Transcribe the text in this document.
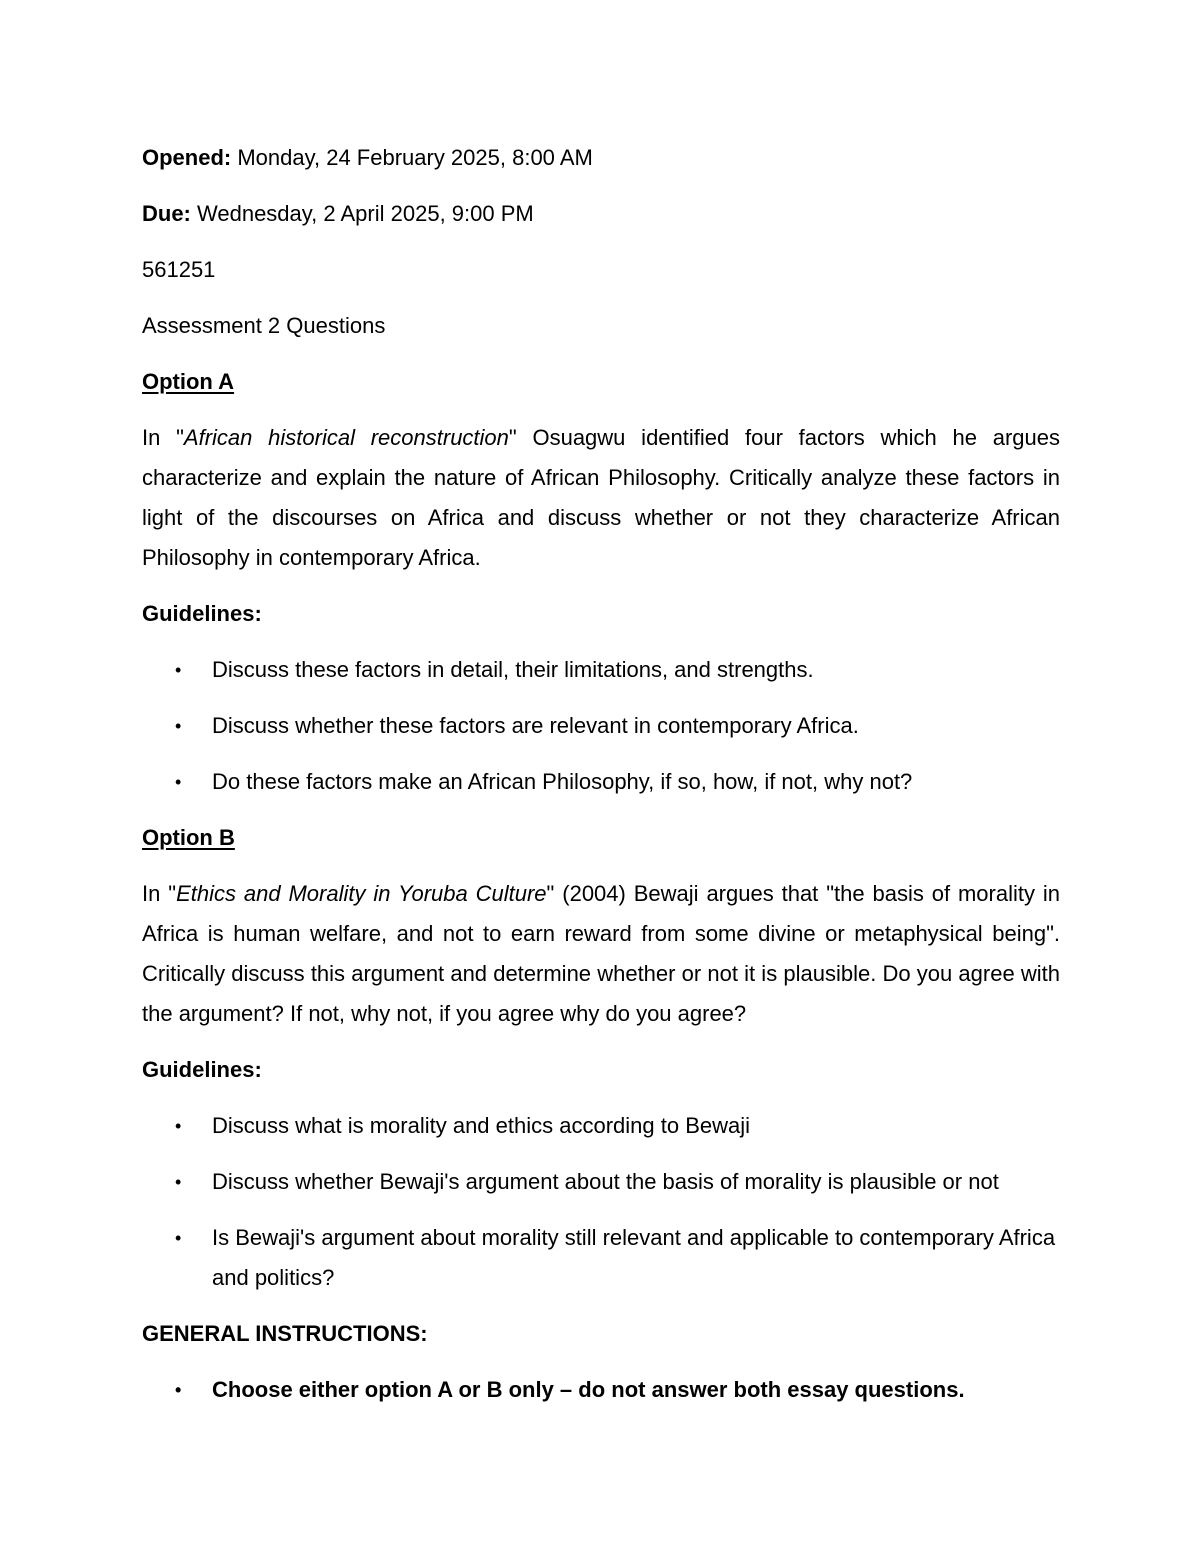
Opened: Monday, 24 February 2025, 8:00 AM

Due: Wednesday, 2 April 2025, 9:00 PM

561251

Assessment 2 Questions

Option A

In "African historical reconstruction" Osuagwu identified four factors which he argues characterize and explain the nature of African Philosophy. Critically analyze these factors in light of the discourses on Africa and discuss whether or not they characterize African Philosophy in contemporary Africa.

Guidelines:

• Discuss these factors in detail, their limitations, and strengths.
• Discuss whether these factors are relevant in contemporary Africa.
• Do these factors make an African Philosophy, if so, how, if not, why not?

Option B

In "Ethics and Morality in Yoruba Culture" (2004) Bewaji argues that "the basis of morality in Africa is human welfare, and not to earn reward from some divine or metaphysical being". Critically discuss this argument and determine whether or not it is plausible. Do you agree with the argument? If not, why not, if you agree why do you agree?

Guidelines:

• Discuss what is morality and ethics according to Bewaji
• Discuss whether Bewaji's argument about the basis of morality is plausible or not
• Is Bewaji's argument about morality still relevant and applicable to contemporary Africa and politics?

GENERAL INSTRUCTIONS:

• Choose either option A or B only – do not answer both essay questions.
